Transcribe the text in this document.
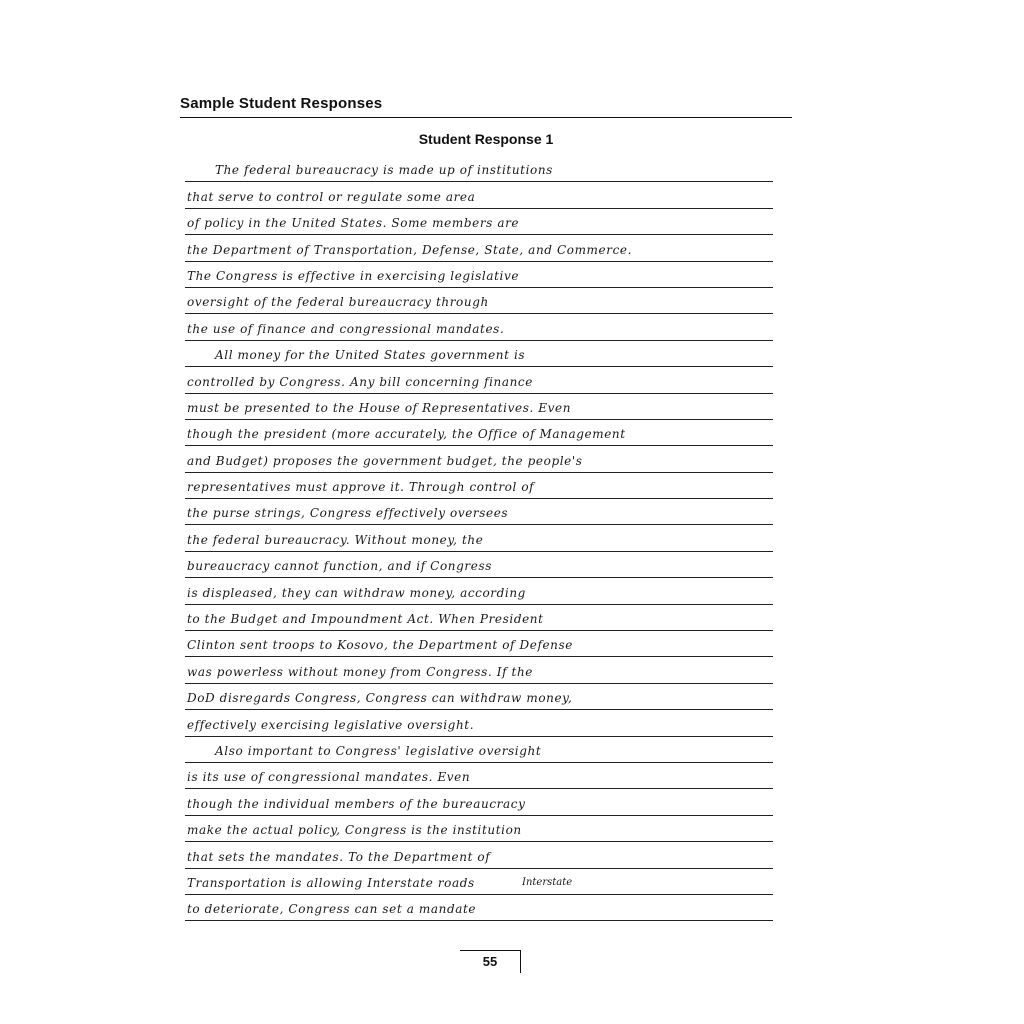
Sample Student Responses
Student Response 1
The federal bureaucracy is made up of institutions
that serve to control or regulate some area
of policy in the United States. Some members are
the Department of Transportation, Defense, State, and Commerce.
The Congress is effective in exercising legislative
oversight of the federal bureaucracy through
the use of finance and congressional mandates.
All money for the United States government is
controlled by Congress. Any bill concerning finance
must be presented to the House of Representatives. Even
though the president (more accurately, the Office of Management
and Budget) proposes the government budget, the people's
representatives must approve it. Through control of
the purse strings, Congress effectively oversees
the federal bureaucracy. Without money, the
bureaucracy cannot function, and if Congress
is displeased, they can withdraw money, according
to the Budget and Impoundment Act. When President
Clinton sent troops to Kosovo, the Department of Defense
was powerless without money from Congress. If the
DoD disregards Congress, Congress can withdraw money,
effectively exercising legislative oversight.
Also important to Congress' legislative oversight
is its use of congressional mandates. Even
though the individual members of the bureaucracy
make the actual policy, Congress is the institution
that sets the mandates. To the Department of
Transportation is allowing Interstate roads
to deteriorate, Congress can set a mandate
Interstate
55
